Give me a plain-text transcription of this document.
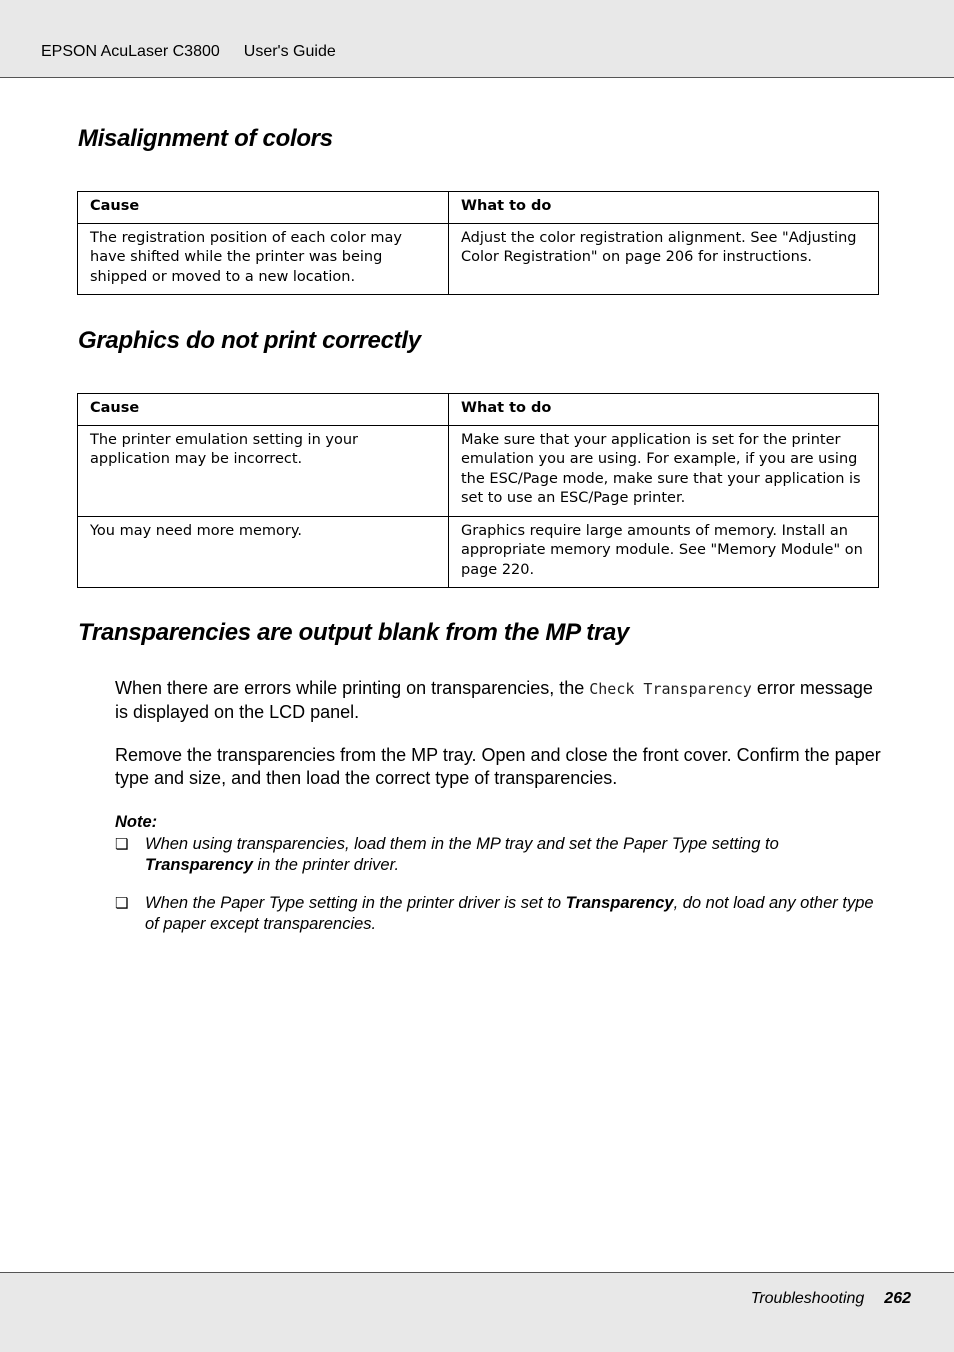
EPSON AcuLaser C3800 User's Guide
Misalignment of colors
Cause	What to do
The registration position of each color may have shifted while the printer was being shipped or moved to a new location.	Adjust the color registration alignment. See "Adjusting Color Registration" on page 206 for instructions.
Graphics do not print correctly
Cause	What to do
The printer emulation setting in your application may be incorrect.	Make sure that your application is set for the printer emulation you are using. For example, if you are using the ESC/Page mode, make sure that your application is set to use an ESC/Page printer.
You may need more memory.	Graphics require large amounts of memory. Install an appropriate memory module. See "Memory Module" on page 220.
Transparencies are output blank from the MP tray

When there are errors while printing on transparencies, the Check Transparency error message is displayed on the LCD panel.

Remove the transparencies from the MP tray. Open and close the front cover. Confirm the paper type and size, and then load the correct type of transparencies.

Note:

❏ When using transparencies, load them in the MP tray and set the Paper Type setting to Transparency in the printer driver.
❏ When the Paper Type setting in the printer driver is set to Transparency, do not load any other type of paper except transparencies.
Troubleshooting 262
